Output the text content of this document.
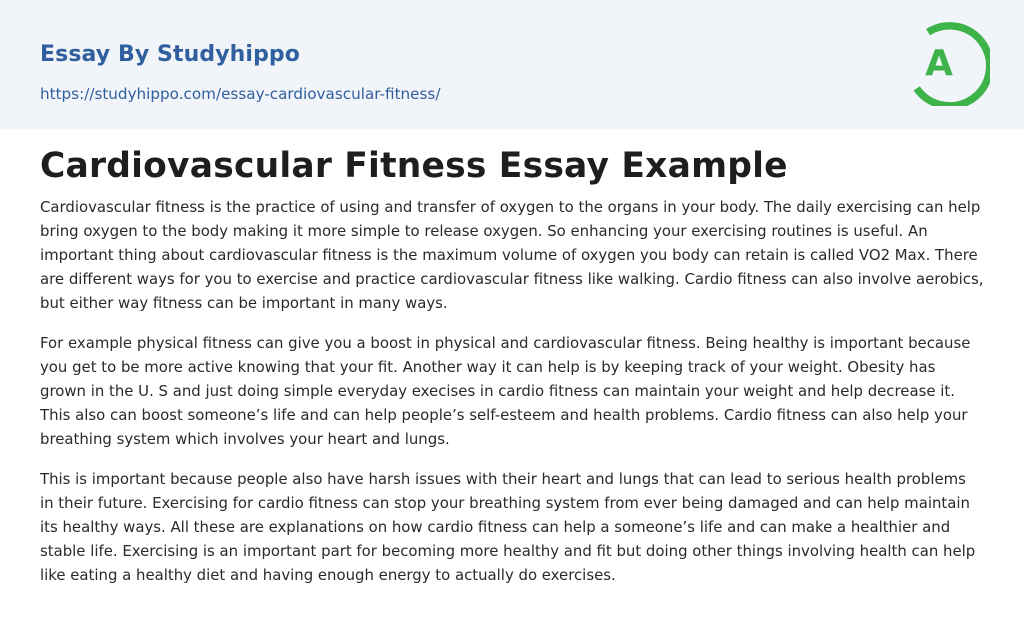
Essay By Studyhippo
https://studyhippo.com/essay-cardiovascular-fitness/
A
Cardiovascular Fitness Essay Example

Cardiovascular fitness is the practice of using and transfer of oxygen to the organs in your body. The daily exercising can help bring oxygen to the body making it more simple to release oxygen. So enhancing your exercising routines is useful. An important thing about cardiovascular fitness is the maximum volume of oxygen you body can retain is called VO2 Max. There are different ways for you to exercise and practice cardiovascular fitness like walking. Cardio fitness can also involve aerobics, but either way fitness can be important in many ways.

For example physical fitness can give you a boost in physical and cardiovascular fitness. Being healthy is important because you get to be more active knowing that your fit. Another way it can help is by keeping track of your weight. Obesity has grown in the U. S and just doing simple everyday execises in cardio fitness can maintain your weight and help decrease it. This also can boost someone’s life and can help people’s self-esteem and health problems. Cardio fitness can also help your breathing system which involves your heart and lungs.

This is important because people also have harsh issues with their heart and lungs that can lead to serious health problems in their future. Exercising for cardio fitness can stop your breathing system from ever being damaged and can help maintain its healthy ways. All these are explanations on how cardio fitness can help a someone’s life and can make a healthier and stable life. Exercising is an important part for becoming more healthy and fit but doing other things involving health can help like eating a healthy diet and having enough energy to actually do exercises.
